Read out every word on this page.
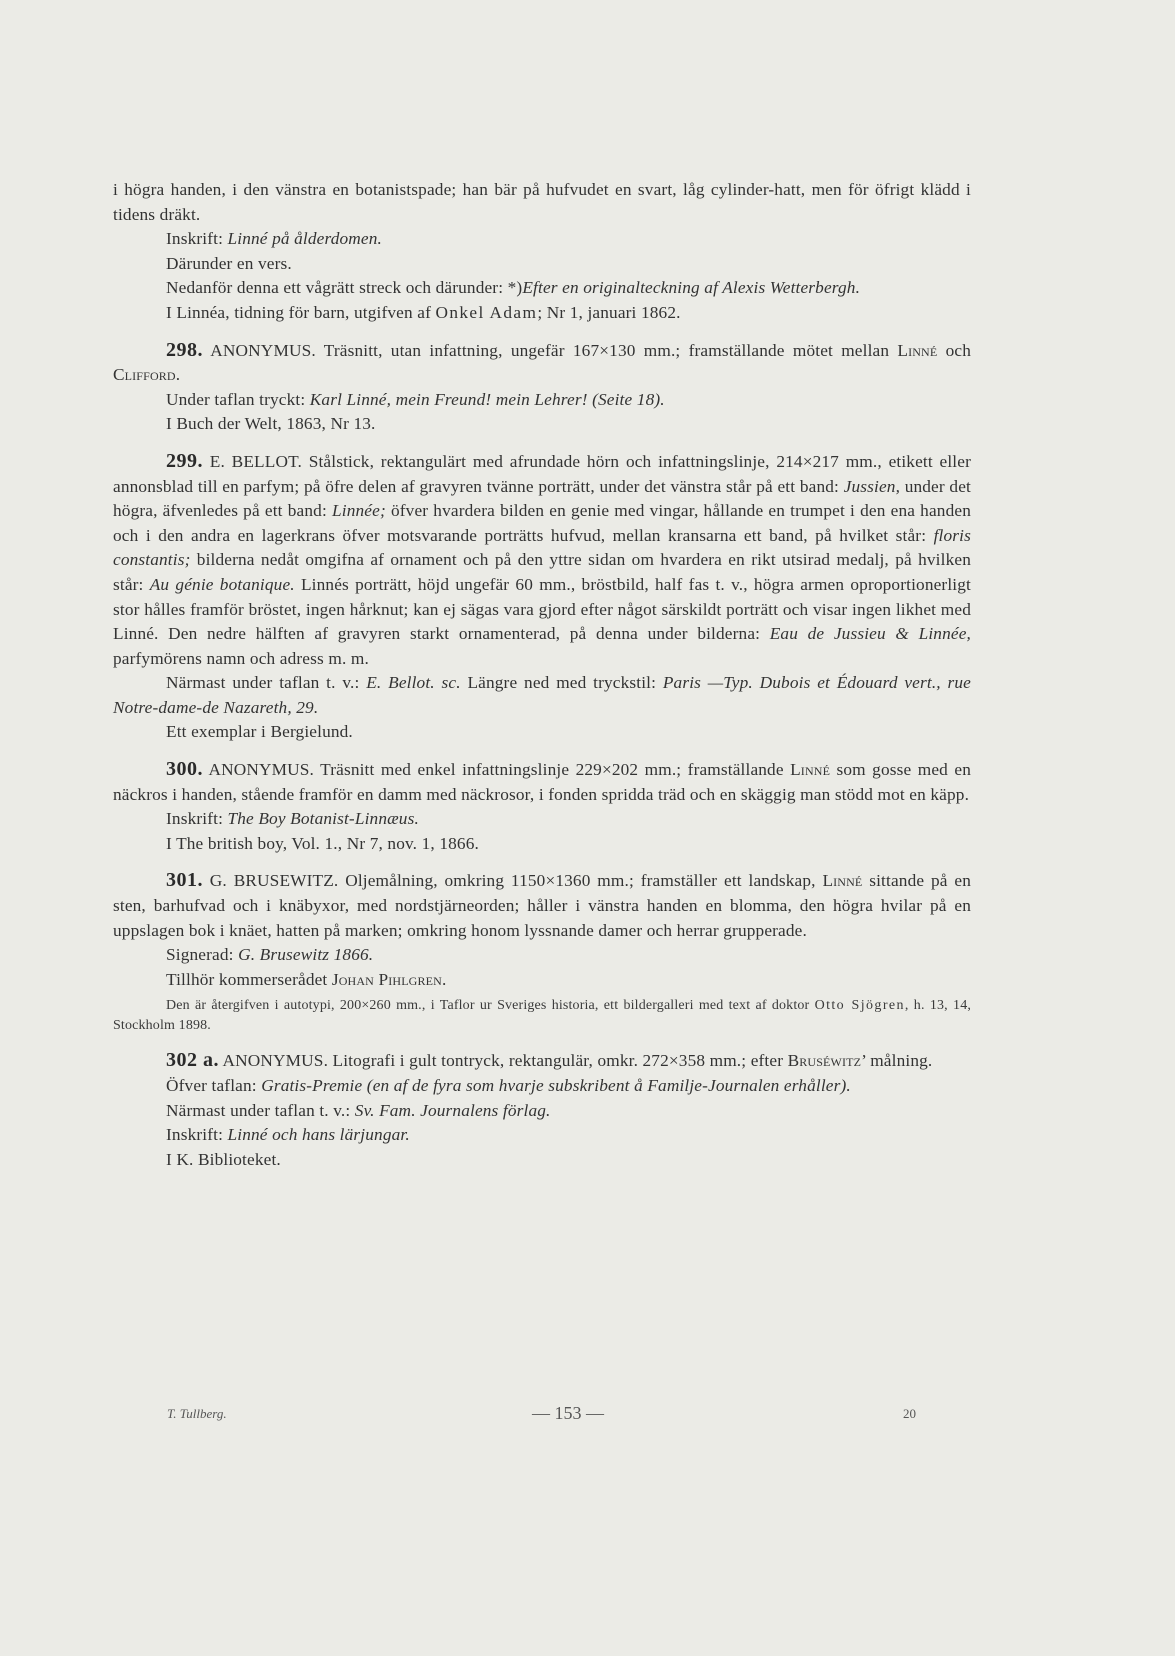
i högra handen, i den vänstra en botanistspade; han bär på hufvudet en svart, låg cylinder-hatt, men för öfrigt klädd i tidens dräkt.

Inskrift: Linné på ålderdomen.

Därunder en vers.

Nedanför denna ett vågrätt streck och därunder: *)Efter en originalteckning af Alexis Wetterbergh.

I Linnéa, tidning för barn, utgifven af Onkel Adam; Nr 1, januari 1862.

298. ANONYMUS. Träsnitt, utan infattning, ungefär 167×130 mm.; framställande mötet mellan Linné och Clifford.

Under taflan tryckt: Karl Linné, mein Freund! mein Lehrer! (Seite 18).

I Buch der Welt, 1863, Nr 13.

299. E. BELLOT. Stålstick, rektangulärt med afrundade hörn och infattningslinje, 214×217 mm., etikett eller annonsblad till en parfym; på öfre delen af gravyren tvänne porträtt, under det vänstra står på ett band: Jussien, under det högra, äfvenledes på ett band: Linnée; öfver hvardera bilden en genie med vingar, hållande en trumpet i den ena handen och i den andra en lagerkrans öfver motsvarande porträtts hufvud, mellan kransarna ett band, på hvilket står: floris constantis; bilderna nedåt omgifna af ornament och på den yttre sidan om hvardera en rikt utsirad medalj, på hvilken står: Au génie botanique. Linnés porträtt, höjd ungefär 60 mm., bröstbild, half fas t. v., högra armen oproportionerligt stor hålles framför bröstet, ingen hårknut; kan ej sägas vara gjord efter något särskildt porträtt och visar ingen likhet med Linné. Den nedre hälften af gravyren starkt ornamenterad, på denna under bilderna: Eau de Jussieu & Linnée, parfymörens namn och adress m. m.

Närmast under taflan t. v.: E. Bellot. sc. Längre ned med tryckstil: Paris —Typ. Dubois et Édouard vert., rue Notre-dame-de Nazareth, 29.

Ett exemplar i Bergielund.

300. ANONYMUS. Träsnitt med enkel infattningslinje 229×202 mm.; framställande Linné som gosse med en näckros i handen, stående framför en damm med näckrosor, i fonden spridda träd och en skäggig man stödd mot en käpp.

Inskrift: The Boy Botanist-Linnæus.

I The british boy, Vol. 1., Nr 7, nov. 1, 1866.

301. G. BRUSEWITZ. Oljemålning, omkring 1150×1360 mm.; framställer ett landskap, Linné sittande på en sten, barhufvad och i knäbyxor, med nordstjärneorden; håller i vänstra handen en blomma, den högra hvilar på en uppslagen bok i knäet, hatten på marken; omkring honom lyssnande damer och herrar grupperade.

Signerad: G. Brusewitz 1866.

Tillhör kommerserådet Johan Pihlgren.

Den är återgifven i autotypi, 200×260 mm., i Taflor ur Sveriges historia, ett bildergalleri med text af doktor Otto Sjögren, h. 13, 14, Stockholm 1898.

302 a. ANONYMUS. Litografi i gult tontryck, rektangulär, omkr. 272×358 mm.; efter Bruséwitz’ målning.

Öfver taflan: Gratis-Premie (en af de fyra som hvarje subskribent å Familje-Journalen erhåller).

Närmast under taflan t. v.: Sv. Fam. Journalens förlag.

Inskrift: Linné och hans lärjungar.

I K. Biblioteket.

T. Tullberg.	— 153 —	20
